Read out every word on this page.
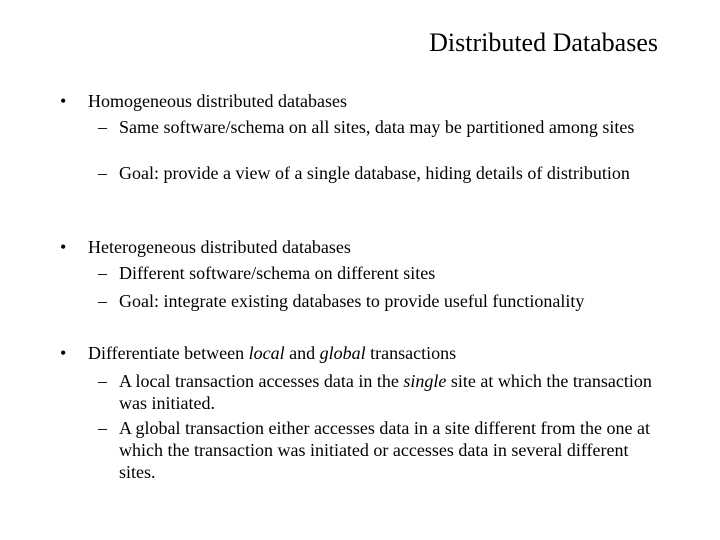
Distributed Databases
• Homogeneous distributed databases
– Same software/schema on all sites, data may be partitioned among sites
– Goal: provide a view of a single database, hiding details of distribution
• Heterogeneous distributed databases
– Different software/schema on different sites
– Goal: integrate existing databases to provide useful functionality
• Differentiate between local and global transactions
– A local transaction accesses data in the single site at which the transaction was initiated.
– A global transaction either accesses data in a site different from the one at which the transaction was initiated or accesses data in several different sites.
